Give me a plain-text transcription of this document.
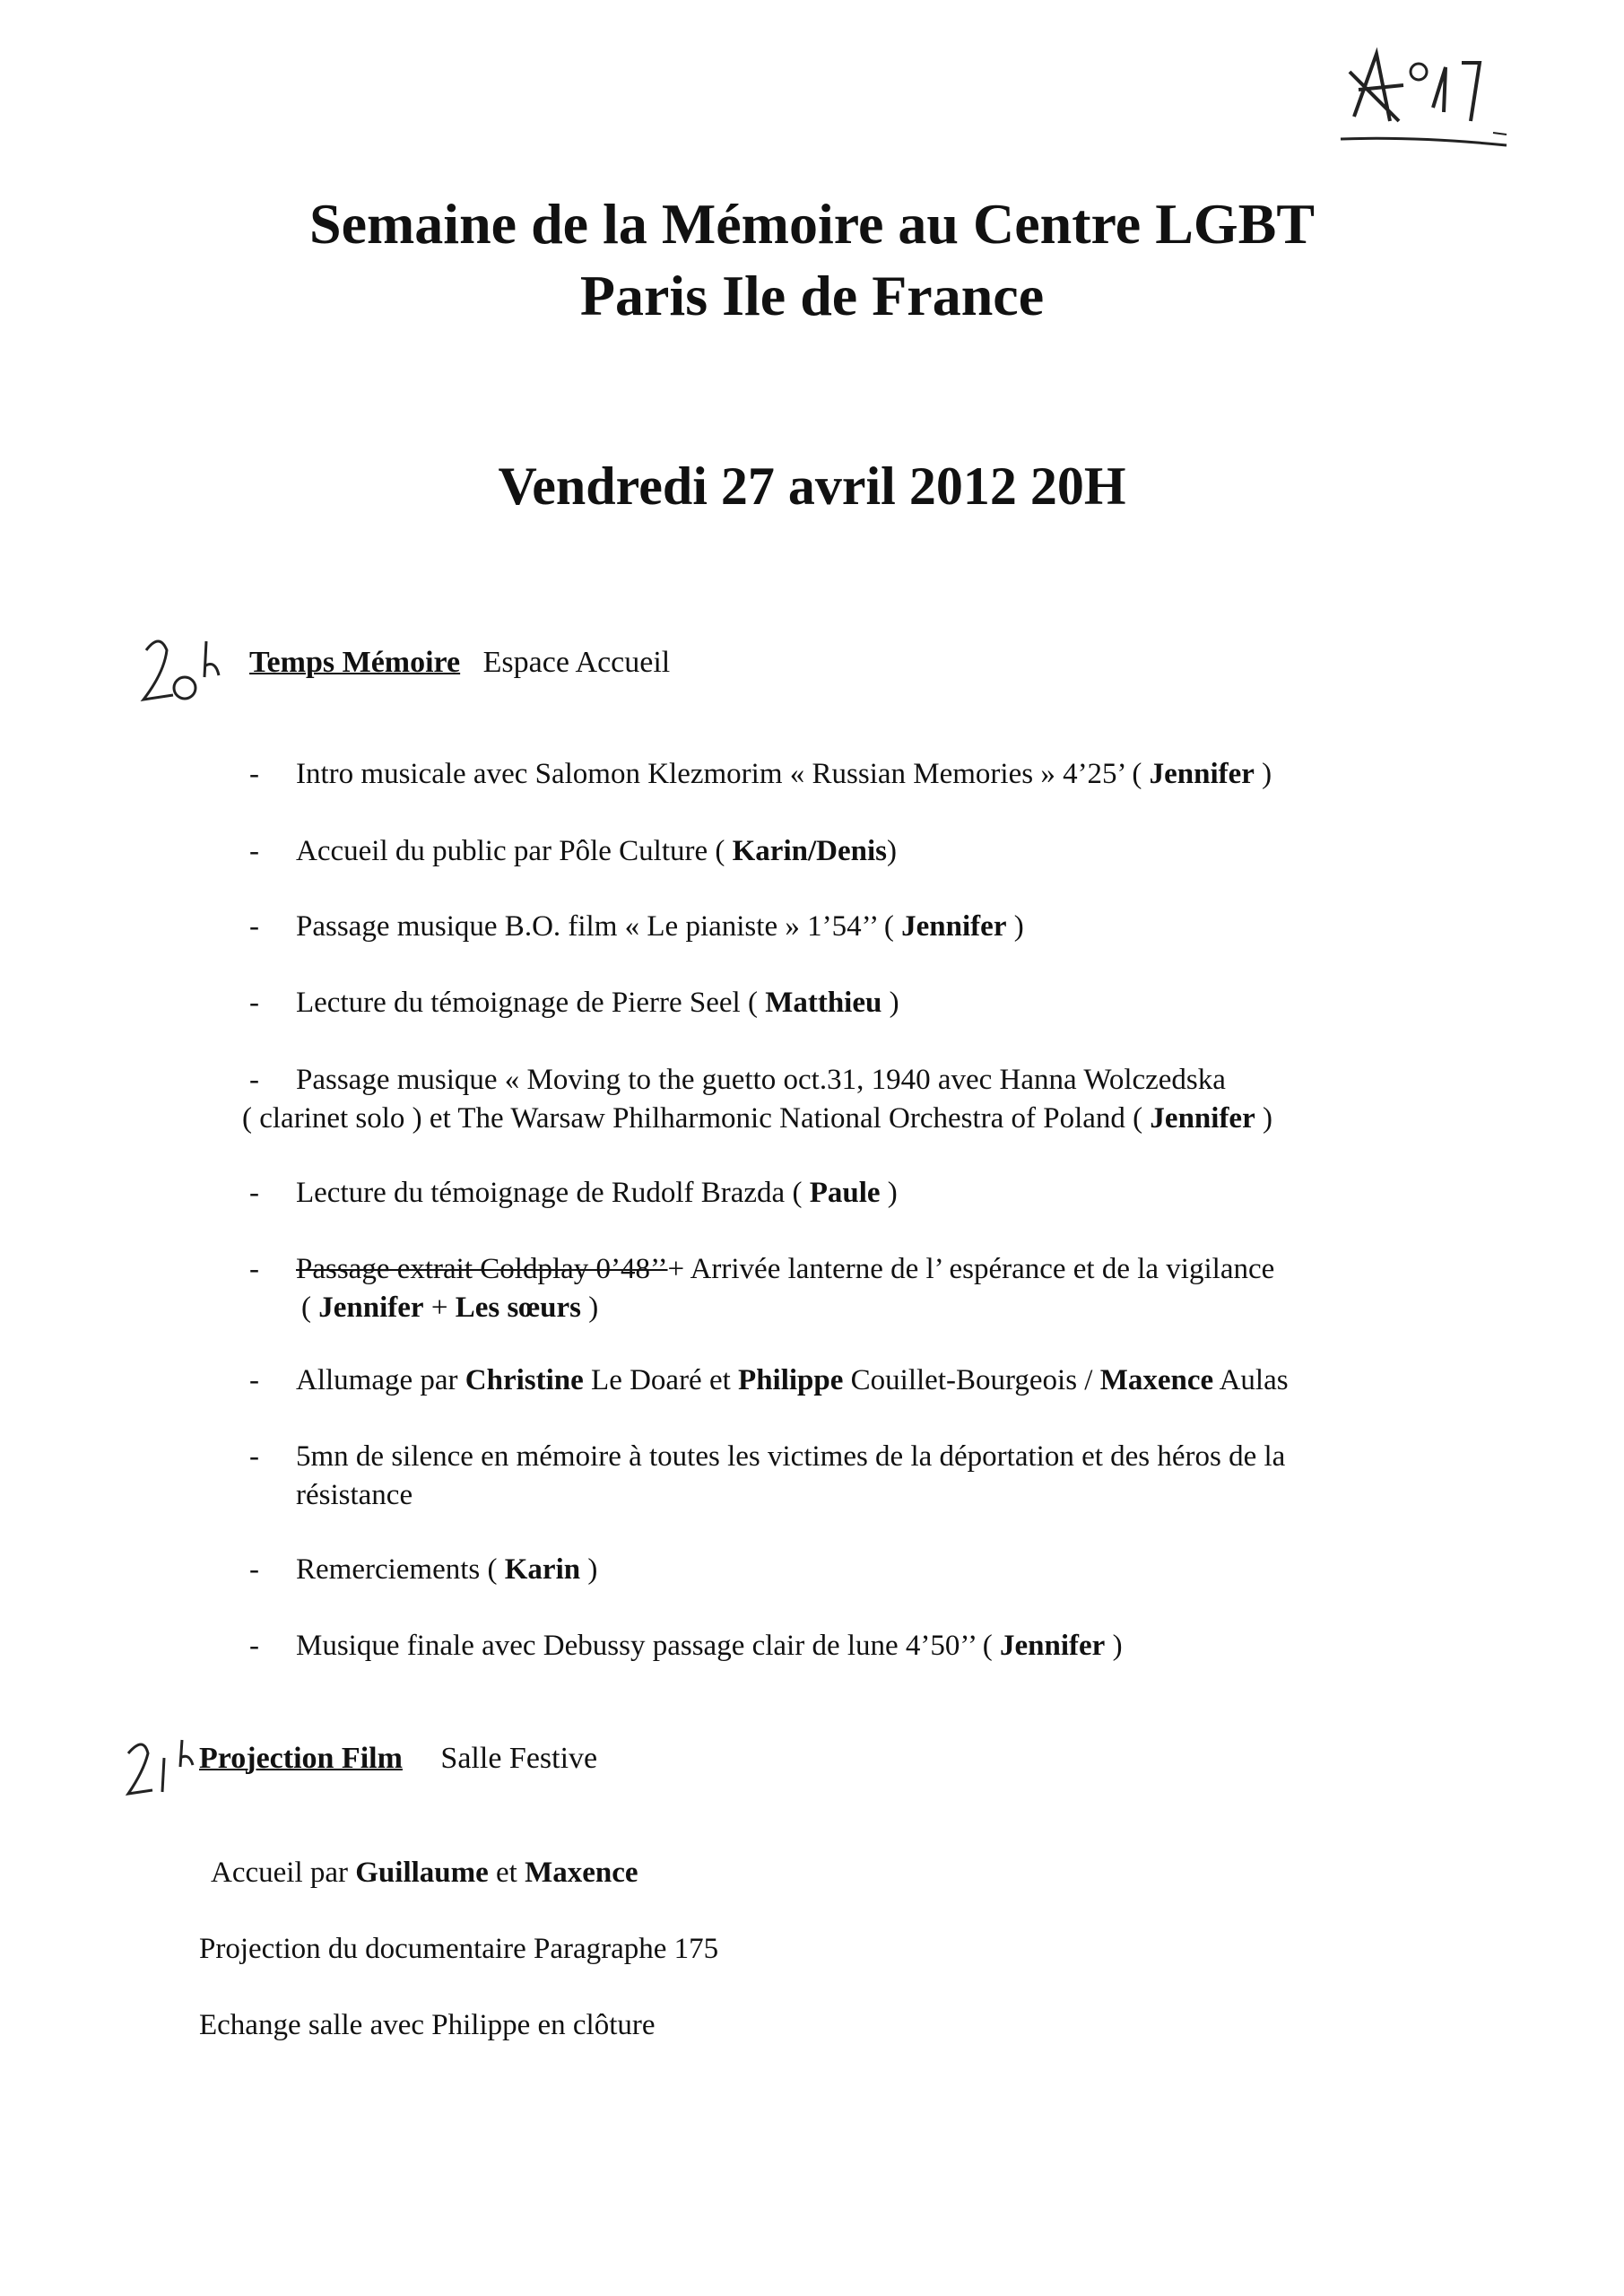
Semaine de la Mémoire au Centre LGBT
Paris Ile de France
Vendredi 27 avril 2012 20H
Temps Mémoire Espace Accueil
- Intro musicale avec Salomon Klezmorim « Russian Memories » 4’25’ ( Jennifer )
- Accueil du public par Pôle Culture ( Karin/Denis)
- Passage musique B.O. film « Le pianiste » 1’54’’ ( Jennifer )
- Lecture du témoignage de Pierre Seel ( Matthieu )
- Passage musique « Moving to the guetto oct.31, 1940 avec Hanna Wolczedska
( clarinet solo ) et The Warsaw Philharmonic National Orchestra of Poland ( Jennifer )
- Lecture du témoignage de Rudolf Brazda ( Paule )
- Passage extrait Coldplay 0’48’’+ Arrivée lanterne de l’ espérance et de la vigilance
( Jennifer + Les sœurs )
- Allumage par Christine Le Doaré et Philippe Couillet-Bourgeois / Maxence Aulas
- 5mn de silence en mémoire à toutes les victimes de la déportation et des héros de la
résistance
- Remerciements ( Karin )
- Musique finale avec Debussy passage clair de lune 4’50’’ ( Jennifer )
Projection Film Salle Festive
Accueil par Guillaume et Maxence
Projection du documentaire Paragraphe 175
Echange salle avec Philippe en clôture
